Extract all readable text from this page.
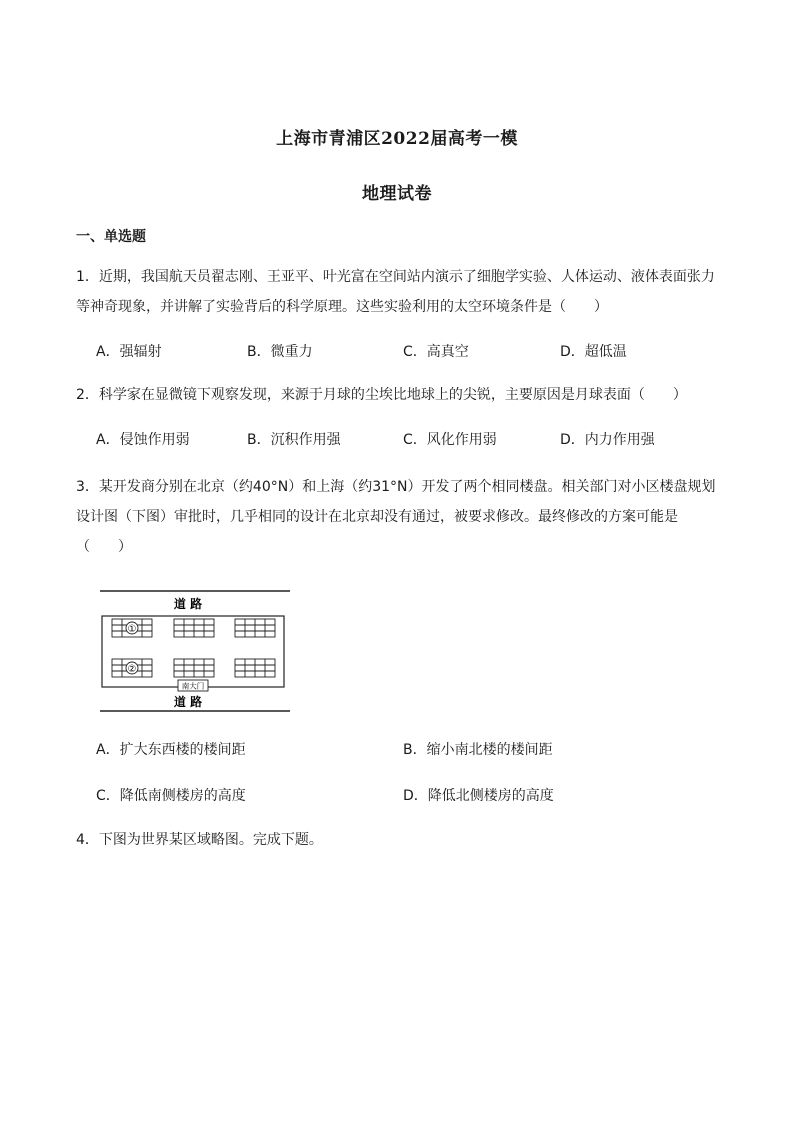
上海市青浦区2022届高考一模
地理试卷
一、单选题
1．近期，我国航天员翟志刚、王亚平、叶光富在空间站内演示了细胞学实验、人体运动、液体表面张力等神奇现象，并讲解了实验背后的科学原理。这些实验利用的太空环境条件是（　　）
A．强辐射	B．微重力	C．高真空	D．超低温
2．科学家在显微镜下观察发现，来源于月球的尘埃比地球上的尖锐，主要原因是月球表面（　　）
A．侵蚀作用弱	B．沉积作用强	C．风化作用弱	D．内力作用强
3．某开发商分别在北京（约40°N）和上海（约31°N）开发了两个相同楼盘。相关部门对小区楼盘规划设计图（下图）审批时，几乎相同的设计在北京却没有通过，被要求修改。最终修改的方案可能是（　　）
道 路
①
②
南大门
道 路
A．扩大东西楼的楼间距	B．缩小南北楼的楼间距
C．降低南侧楼房的高度	D．降低北侧楼房的高度
4．下图为世界某区域略图。完成下题。
